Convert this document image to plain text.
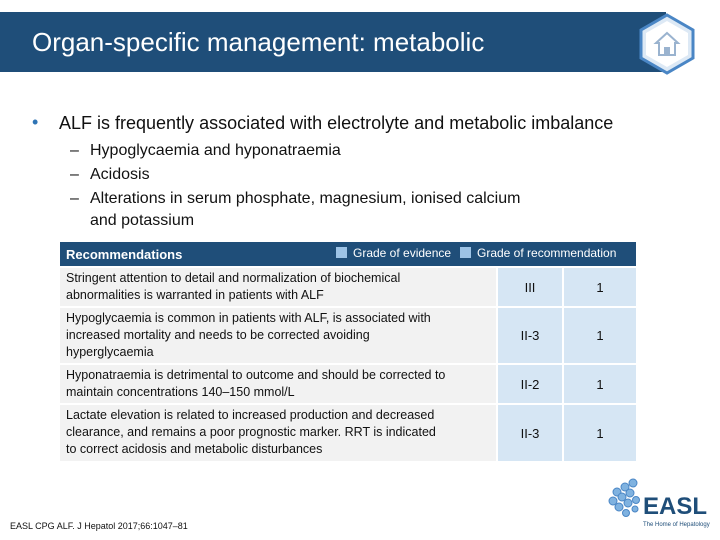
Organ-specific management: metabolic
• ALF is frequently associated with electrolyte and metabolic imbalance
– Hypoglycaemia and hyponatraemia
– Acidosis
– Alterations in serum phosphate, magnesium, ionised calcium
and potassium
Recommendations	Grade of evidence	Grade of recommendation
Stringent attention to detail and normalization of biochemical
abnormalities is warranted in patients with ALF
III	1
Hypoglycaemia is common in patients with ALF, is associated with
increased mortality and needs to be corrected avoiding
hyperglycaemia
II-3	1
Hyponatraemia is detrimental to outcome and should be corrected to
maintain concentrations 140–150 mmol/L
II-2	1
Lactate elevation is related to increased production and decreased
clearance, and remains a poor prognostic marker. RRT is indicated
to correct acidosis and metabolic disturbances
II-3	1
EASL CPG ALF. J Hepatol 2017;66:1047–81
EASL
The Home of Hepatology
